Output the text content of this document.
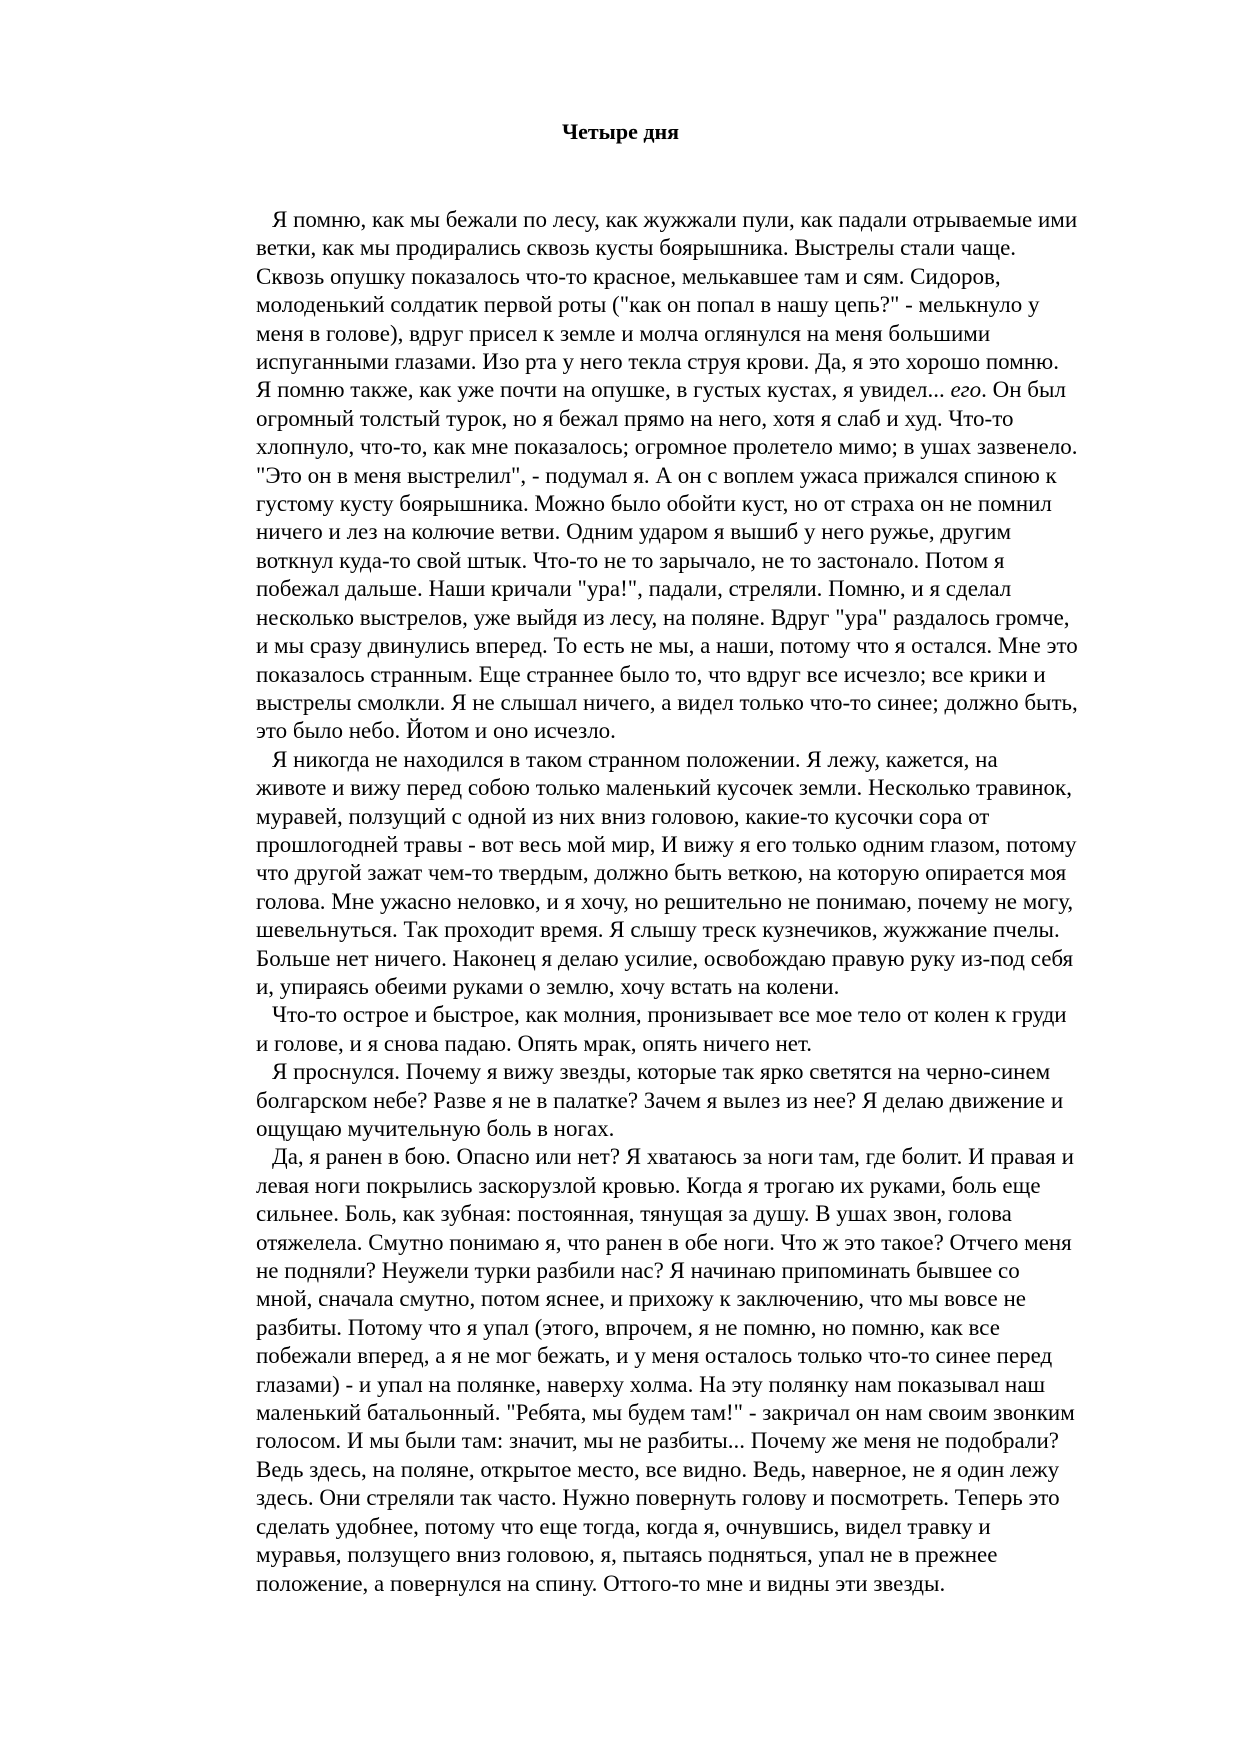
Четыре дня
Я помню, как мы бежали по лесу, как жужжали пули, как падали отрываемые ими
ветки, как мы продирались сквозь кусты боярышника. Выстрелы стали чаще.
Сквозь опушку показалось что-то красное, мелькавшее там и сям. Сидоров,
молоденький солдатик первой роты ("как он попал в нашу цепь?" - мелькнуло у
меня в голове), вдруг присел к земле и молча оглянулся на меня большими
испуганными глазами. Изо рта у него текла струя крови. Да, я это хорошо помню.
Я помню также, как уже почти на опушке, в густых кустах, я увидел... его. Он был
огромный толстый турок, но я бежал прямо на него, хотя я слаб и худ. Что-то
хлопнуло, что-то, как мне показалось; огромное пролетело мимо; в ушах зазвенело.
"Это он в меня выстрелил", - подумал я. А он с воплем ужаса прижался спиною к
густому кусту боярышника. Можно было обойти куст, но от страха он не помнил
ничего и лез на колючие ветви. Одним ударом я вышиб у него ружье, другим
воткнул куда-то свой штык. Что-то не то зарычало, не то застонало. Потом я
побежал дальше. Наши кричали "ура!", падали, стреляли. Помню, и я сделал
несколько выстрелов, уже выйдя из лесу, на поляне. Вдруг "ура" раздалось громче,
и мы сразу двинулись вперед. То есть не мы, а наши, потому что я остался. Мне это
показалось странным. Еще страннее было то, что вдруг все исчезло; все крики и
выстрелы смолкли. Я не слышал ничего, а видел только что-то синее; должно быть,
это было небо. Йотом и оно исчезло.
Я никогда не находился в таком странном положении. Я лежу, кажется, на
животе и вижу перед собою только маленький кусочек земли. Несколько травинок,
муравей, ползущий с одной из них вниз головою, какие-то кусочки сора от
прошлогодней травы - вот весь мой мир, И вижу я его только одним глазом, потому
что другой зажат чем-то твердым, должно быть веткою, на которую опирается моя
голова. Мне ужасно неловко, и я хочу, но решительно не понимаю, почему не могу,
шевельнуться. Так проходит время. Я слышу треск кузнечиков, жужжание пчелы.
Больше нет ничего. Наконец я делаю усилие, освобождаю правую руку из-под себя
и, упираясь обеими руками о землю, хочу встать на колени.
Что-то острое и быстрое, как молния, пронизывает все мое тело от колен к груди
и голове, и я снова падаю. Опять мрак, опять ничего нет.
Я проснулся. Почему я вижу звезды, которые так ярко светятся на черно-синем
болгарском небе? Разве я не в палатке? Зачем я вылез из нее? Я делаю движение и
ощущаю мучительную боль в ногах.
Да, я ранен в бою. Опасно или нет? Я хватаюсь за ноги там, где болит. И правая и
левая ноги покрылись заскорузлой кровью. Когда я трогаю их руками, боль еще
сильнее. Боль, как зубная: постоянная, тянущая за душу. В ушах звон, голова
отяжелела. Смутно понимаю я, что ранен в обе ноги. Что ж это такое? Отчего меня
не подняли? Неужели турки разбили нас? Я начинаю припоминать бывшее со
мной, сначала смутно, потом яснее, и прихожу к заключению, что мы вовсе не
разбиты. Потому что я упал (этого, впрочем, я не помню, но помню, как все
побежали вперед, а я не мог бежать, и у меня осталось только что-то синее перед
глазами) - и упал на полянке, наверху холма. На эту полянку нам показывал наш
маленький батальонный. "Ребята, мы будем там!" - закричал он нам своим звонким
голосом. И мы были там: значит, мы не разбиты... Почему же меня не подобрали?
Ведь здесь, на поляне, открытое место, все видно. Ведь, наверное, не я один лежу
здесь. Они стреляли так часто. Нужно повернуть голову и посмотреть. Теперь это
сделать удобнее, потому что еще тогда, когда я, очнувшись, видел травку и
муравья, ползущего вниз головою, я, пытаясь подняться, упал не в прежнее
положение, а повернулся на спину. Оттого-то мне и видны эти звезды.
